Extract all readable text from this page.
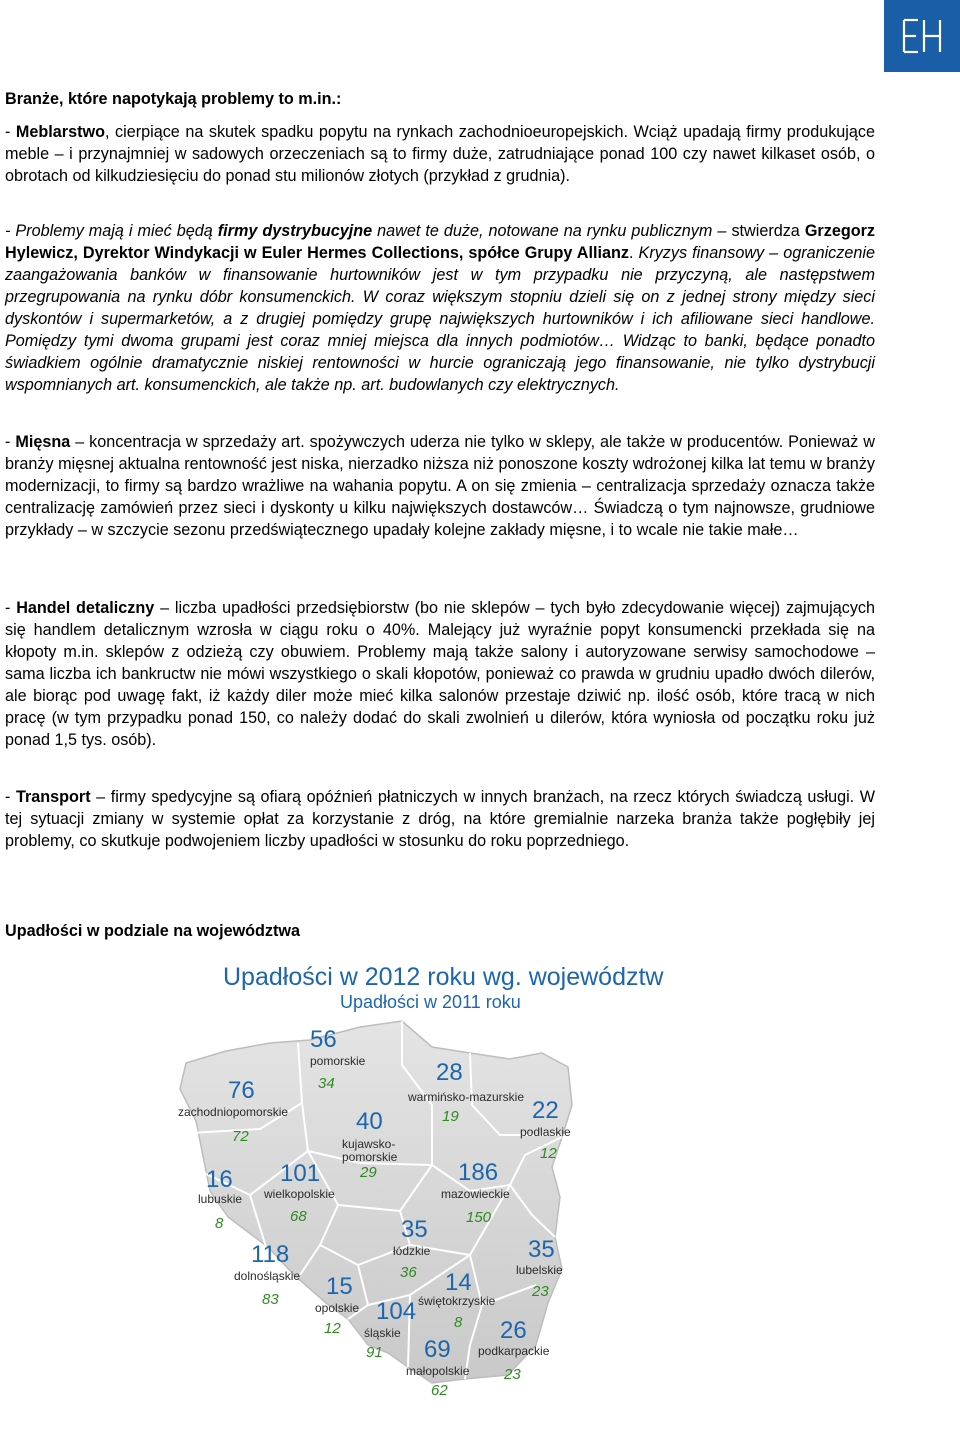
Branże, które napotykają problemy to m.in.:

- Meblarstwo, cierpiące na skutek spadku popytu na rynkach zachodnioeuropejskich. Wciąż upadają firmy produkujące meble – i przynajmniej w sadowych orzeczeniach są to firmy duże, zatrudniające ponad 100 czy nawet kilkaset osób, o obrotach od kilkudziesięciu do ponad stu milionów złotych (przykład z grudnia).

- Problemy mają i mieć będą firmy dystrybucyjne nawet te duże, notowane na rynku publicznym – stwierdza Grzegorz Hylewicz, Dyrektor Windykacji w Euler Hermes Collections, spółce Grupy Allianz. Kryzys finansowy – ograniczenie zaangażowania banków w finansowanie hurtowników jest w tym przypadku nie przyczyną, ale następstwem przegrupowania na rynku dóbr konsumenckich. W coraz większym stopniu dzieli się on z jednej strony między sieci dyskontów i supermarketów, a z drugiej pomiędzy grupę największych hurtowników i ich afiliowane sieci handlowe. Pomiędzy tymi dwoma grupami jest coraz mniej miejsca dla innych podmiotów… Widząc to banki, będące ponadto świadkiem ogólnie dramatycznie niskiej rentowności w hurcie ograniczają jego finansowanie, nie tylko dystrybucji wspomnianych art. konsumenckich, ale także np. art. budowlanych czy elektrycznych.

- Mięsna – koncentracja w sprzedaży art. spożywczych uderza nie tylko w sklepy, ale także w producentów. Ponieważ w branży mięsnej aktualna rentowność jest niska, nierzadko niższa niż ponoszone koszty wdrożonej kilka lat temu w branży modernizacji, to firmy są bardzo wrażliwe na wahania popytu. A on się zmienia – centralizacja sprzedaży oznacza także centralizację zamówień przez sieci i dyskonty u kilku największych dostawców… Świadczą o tym najnowsze, grudniowe przykłady – w szczycie sezonu przedświątecznego upadały kolejne zakłady mięsne, i to wcale nie takie małe…

- Handel detaliczny – liczba upadłości przedsiębiorstw (bo nie sklepów – tych było zdecydowanie więcej) zajmujących się handlem detalicznym wzrosła w ciągu roku o 40%. Malejący już wyraźnie popyt konsumencki przekłada się na kłopoty m.in. sklepów z odzieżą czy obuwiem. Problemy mają także salony i autoryzowane serwisy samochodowe – sama liczba ich bankructw nie mówi wszystkiego o skali kłopotów, ponieważ co prawda w grudniu upadło dwóch dilerów, ale biorąc pod uwagę fakt, iż każdy diler może mieć kilka salonów przestaje dziwić np. ilość osób, które tracą w nich pracę (w tym przypadku ponad 150, co należy dodać do skali zwolnień u dilerów, która wyniosła od początku roku już ponad 1,5 tys. osób).

- Transport – firmy spedycyjne są ofiarą opóźnień płatniczych w innych branżach, na rzecz których świadczą usługi. W tej sytuacji zmiany w systemie opłat za korzystanie z dróg, na które gremialnie narzeka branża także pogłębiły jej problemy, co skutkuje podwojeniem liczby upadłości w stosunku do roku poprzedniego.

Upadłości w podziale na województwa

Upadłości w 2012 roku wg. województw
Upadłości w 2011 roku
56
pomorskie
34	28
warmińsko-mazurskie
19
76
zachodniopomorskie
72
40
kujawsko-pomorskie
29
22
podlaskie
12
16
lubuskie
8
101
wielkopolskie
68
186
mazowieckie
150
35
łódzkie
36
118
dolnośląskie
83
35
lubelskie
23
15
opolskie
12
14
świętokrzyskie
8
104
śląskie
91 69
małopolskie
62
26
podkarpackie
23
